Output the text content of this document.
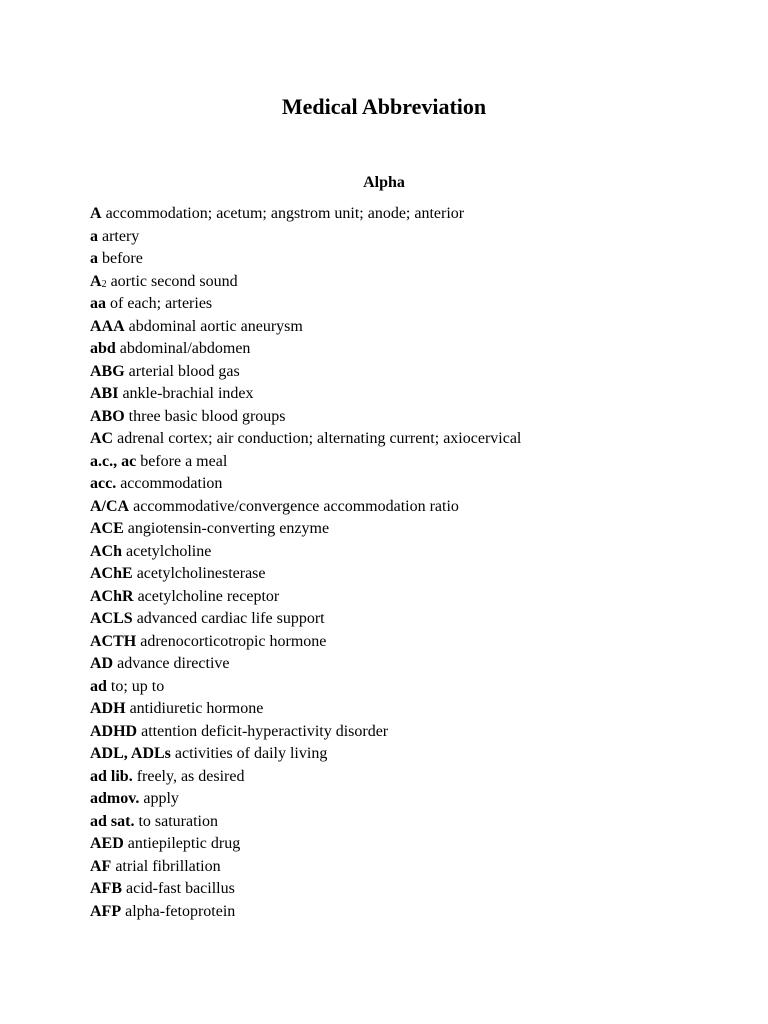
Medical Abbreviation
Alpha
A accommodation; acetum; angstrom unit; anode; anterior
a artery
a before
$A_2$ aortic second sound
aa of each; arteries
AAA abdominal aortic aneurysm
abd abdominal/abdomen
ABG arterial blood gas
ABI ankle-brachial index
ABO three basic blood groups
AC adrenal cortex; air conduction; alternating current; axiocervical
a.c., ac before a meal
acc. accommodation
A/CA accommodative/convergence accommodation ratio
ACE angiotensin-converting enzyme
ACh acetylcholine
AChE acetylcholinesterase
AChR acetylcholine receptor
ACLS advanced cardiac life support
ACTH adrenocorticotropic hormone
AD advance directive
ad to; up to
ADH antidiuretic hormone
ADHD attention deficit-hyperactivity disorder
ADL, ADLs activities of daily living
ad lib. freely, as desired
admov. apply
ad sat. to saturation
AED antiepileptic drug
AF atrial fibrillation
AFB acid-fast bacillus
AFP alpha-fetoprotein
